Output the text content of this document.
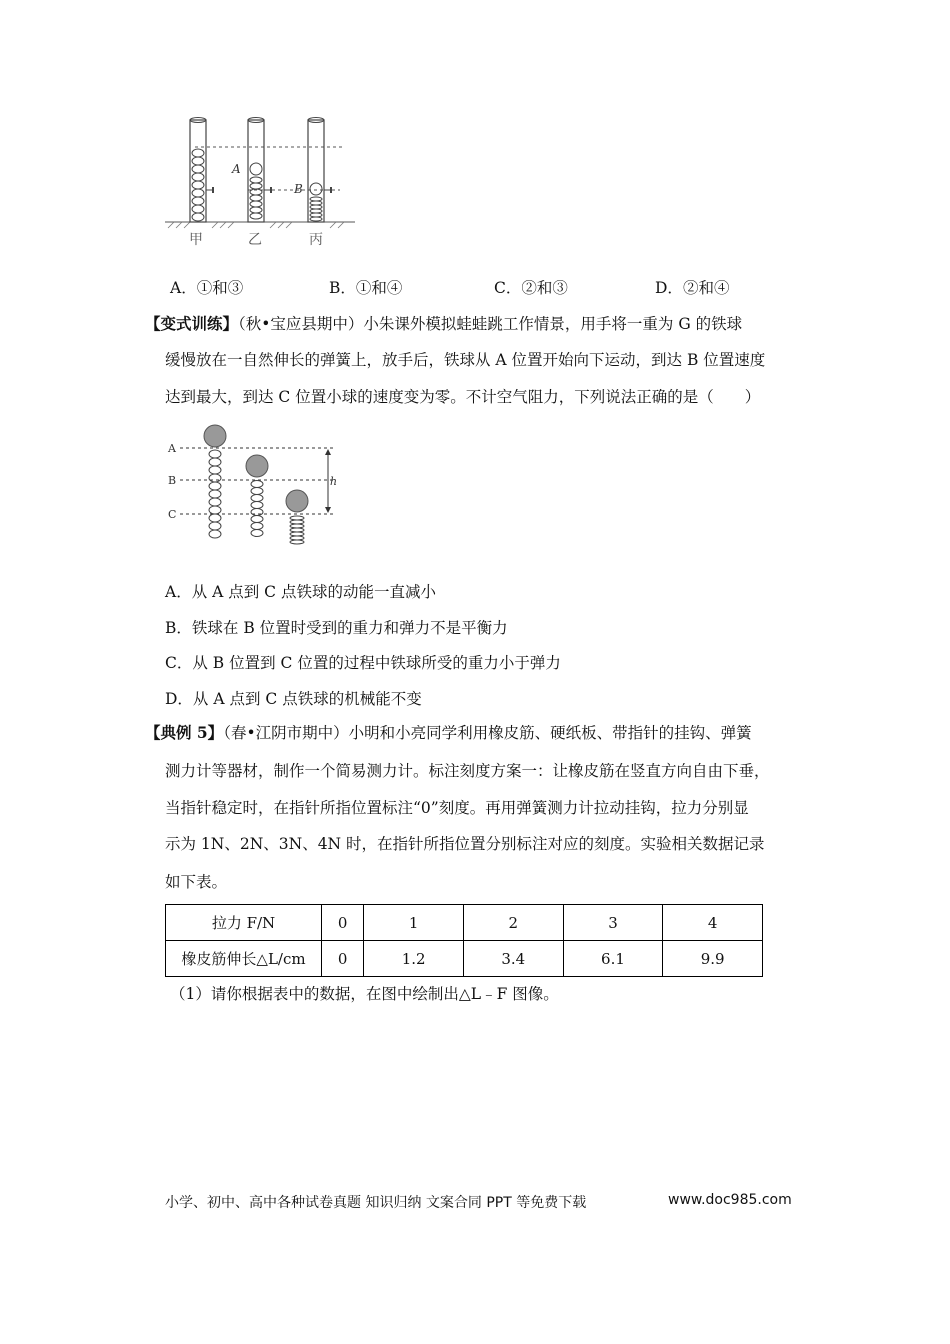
A
B
甲	乙	丙
A．①和③	B．①和④	C．②和③	D．②和④
【变式训练】（秋•宝应县期中）小朱课外模拟蛙蛙跳工作情景，用手将一重为 G 的铁球
缓慢放在一自然伸长的弹簧上，放手后，铁球从 A 位置开始向下运动，到达 B 位置速度
达到最大，到达 C 位置小球的速度变为零。不计空气阻力，下列说法正确的是（　　）
A
B
C
h
A．从 A 点到 C 点铁球的动能一直减小
B．铁球在 B 位置时受到的重力和弹力不是平衡力
C．从 B 位置到 C 位置的过程中铁球所受的重力小于弹力
D．从 A 点到 C 点铁球的机械能不变
【典例 5】（春•江阴市期中）小明和小亮同学利用橡皮筋、硬纸板、带指针的挂钩、弹簧
测力计等器材，制作一个简易测力计。标注刻度方案一：让橡皮筋在竖直方向自由下垂，
当指针稳定时，在指针所指位置标注“0”刻度。再用弹簧测力计拉动挂钩，拉力分别显
示为 1N、2N、3N、4N 时，在指针所指位置分别标注对应的刻度。实验相关数据记录
如下表。
拉力 F/N	0	1	2	3	4
橡皮筋伸长△L/cm	0	1.2	3.4	6.1	9.9
（1）请你根据表中的数据，在图中绘制出△L﹣F 图像。
小学、初中、高中各种试卷真题 知识归纳 文案合同 PPT 等免费下载	www.doc985.com
